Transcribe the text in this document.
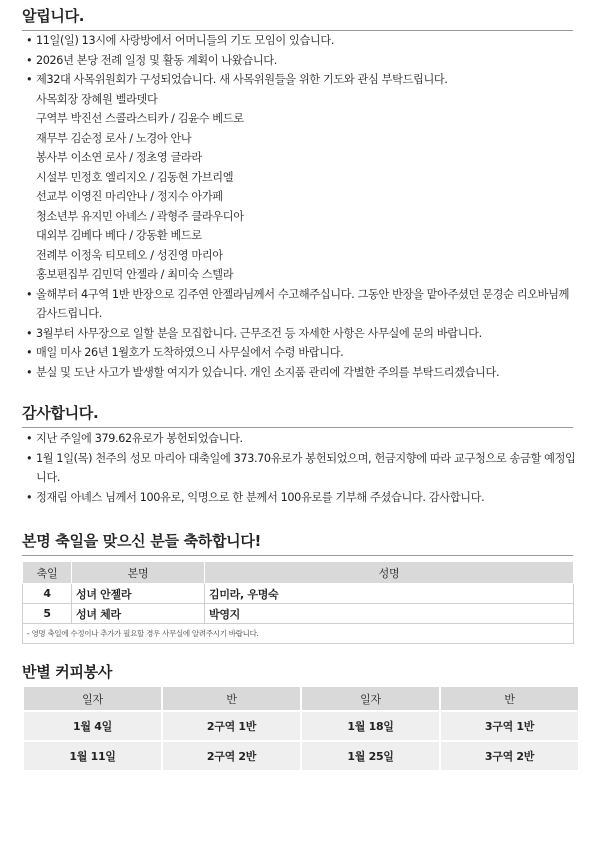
알립니다.
• 11일(일) 13시에 사랑방에서 어머니들의 기도 모임이 있습니다.
• 2026년 본당 전례 일정 및 활동 계획이 나왔습니다.
• 제32대 사목위원회가 구성되었습니다. 새 사목위원들을 위한 기도와 관심 부탁드립니다.
사목회장 장혜원 벨라뎃다
구역부 박진선 스콜라스티카 / 김윤수 베드로
재무부 김순정 로사 / 노경아 안나
봉사부 이소연 로사 / 정초영 글라라
시설부 민정호 엘리지오 / 김동현 가브리엘
선교부 이영진 마리안나 / 정지수 아가페
청소년부 유지민 아녜스 / 곽형주 클라우디아
대외부 김베다 베다 / 강동환 베드로
전례부 이정욱 티모테오 / 성진영 마리아
홍보편집부 김민덕 안젤라 / 최미숙 스텔라
• 올해부터 4구역 1반 반장으로 김주연 안젤라님께서 수고해주십니다. 그동안 반장을 맡아주셨던 문경순 리오바님께 감사드립니다.
• 3월부터 사무장으로 일할 분을 모집합니다. 근무조건 등 자세한 사항은 사무실에 문의 바랍니다.
• 매일 미사 26년 1월호가 도착하였으니 사무실에서 수령 바랍니다.
• 분실 및 도난 사고가 발생할 여지가 있습니다. 개인 소지품 관리에 각별한 주의를 부탁드리겠습니다.
감사합니다.
• 지난 주일에 379.62유로가 봉헌되었습니다.
• 1월 1일(목) 천주의 성모 마리아 대축일에 373.70유로가 봉헌되었으며, 헌금지향에 따라 교구청으로 송금할 예정입니다.
• 정재림 아녜스 님께서 100유로, 익명으로 한 분께서 100유로를 기부해 주셨습니다. 감사합니다.
본명 축일을 맞으신 분들 축하합니다!
축일	본명	성명
4	성녀 안젤라	김미라, 우명숙
5	성녀 체라	박영지
- 영명 축일에 수정이나 추가가 필요할 경우 사무실에 알려주시기 바랍니다.		
반별 커피봉사
일자	반	일자	반
1월 4일	2구역 1반	1월 18일	3구역 1반
1월 11일	2구역 2반	1월 25일	3구역 2반
